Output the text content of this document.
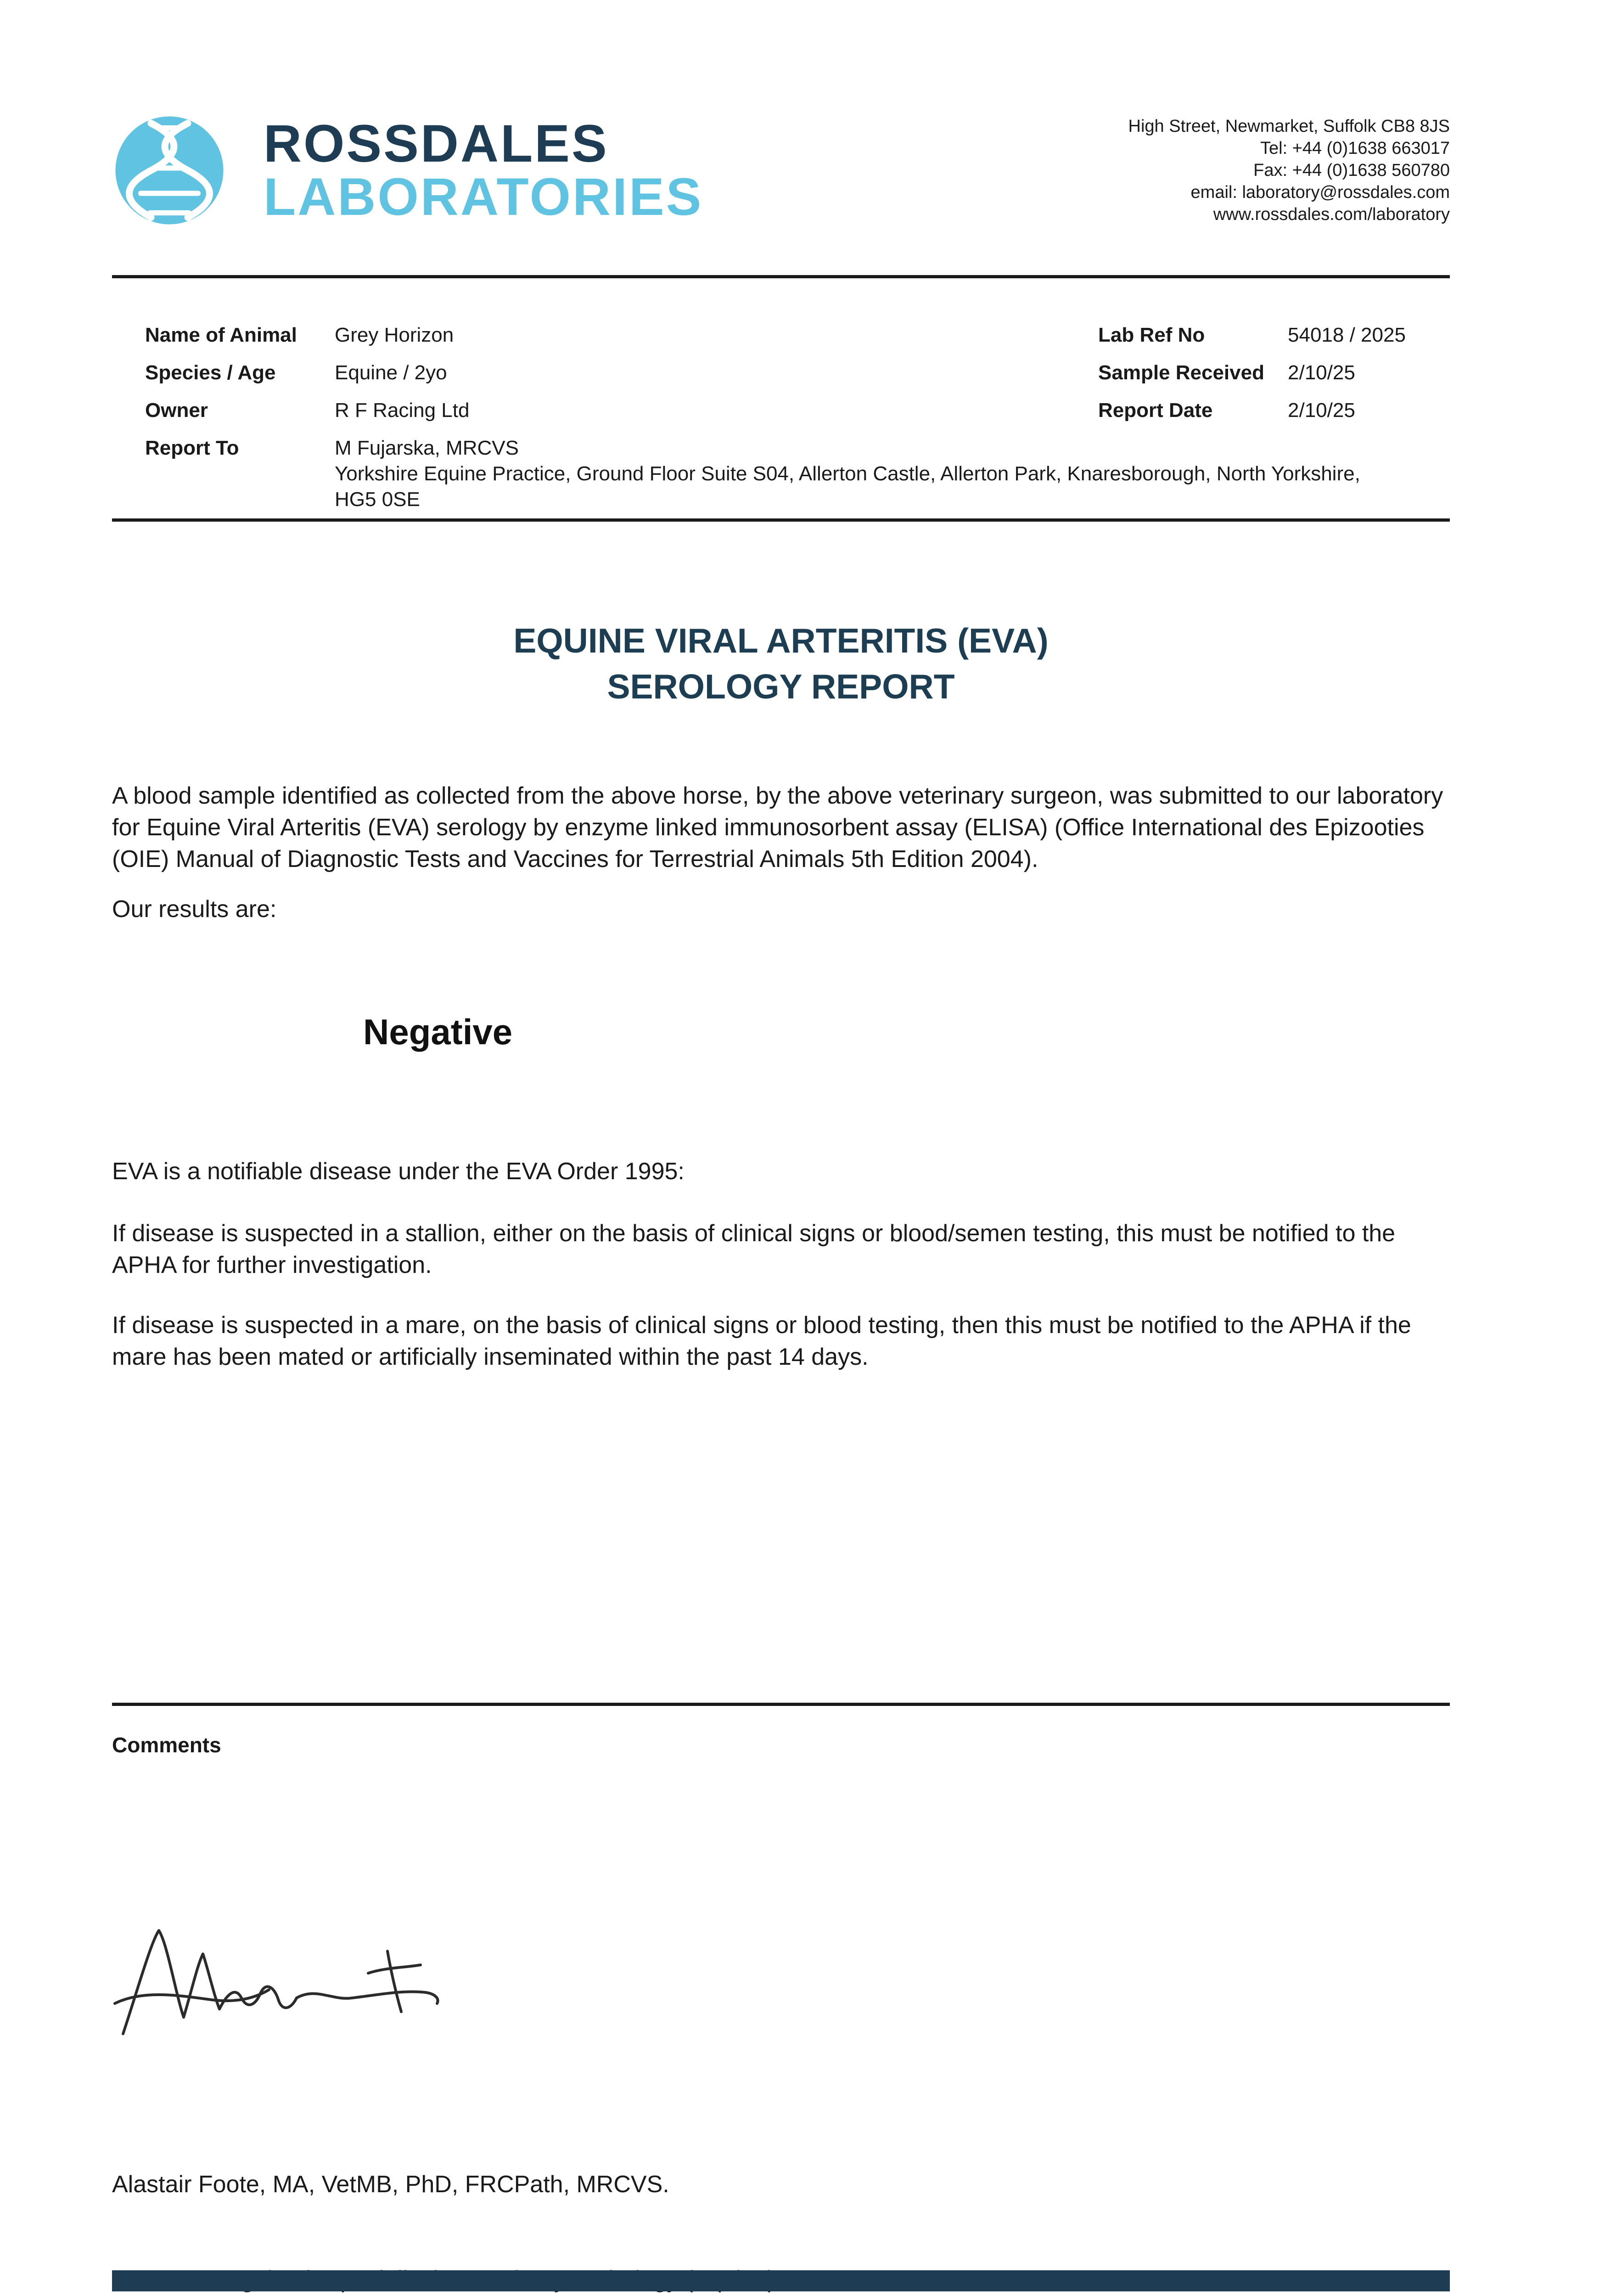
ROSSDALES
LABORATORIES
High Street, Newmarket, Suffolk CB8 8JS
Tel: +44 (0)1638 663017
Fax: +44 (0)1638 560780
email: laboratory@rossdales.com
www.rossdales.com/laboratory
Name of Animal	Grey Horizon	Lab Ref No	54018 / 2025
Species / Age	Equine / 2yo	Sample Received	2/10/25
Owner	R F Racing Ltd	Report Date	2/10/25
Report To	M Fujarska, MRCVS
Yorkshire Equine Practice, Ground Floor Suite S04, Allerton Castle, Allerton Park, Knaresborough, North Yorkshire,
HG5 0SE
EQUINE VIRAL ARTERITIS (EVA)
SEROLOGY REPORT

A blood sample identified as collected from the above horse, by the above veterinary surgeon, was submitted to our laboratory for Equine Viral Arteritis (EVA) serology by enzyme linked immunosorbent assay (ELISA) (Office International des Epizooties (OIE) Manual of Diagnostic Tests and Vaccines for Terrestrial Animals 5th Edition 2004).

Our results are:

Negative

EVA is a notifiable disease under the EVA Order 1995:

If disease is suspected in a stallion, either on the basis of clinical signs or blood/semen testing, this must be notified to the APHA for further investigation.

If disease is suspected in a mare, on the basis of clinical signs or blood testing, then this must be notified to the APHA if the mare has been mated or artificially inseminated within the past 14 days.

Comments

Alastair Foote, MA, VetMB, PhD, FRCPath, MRCVS.
